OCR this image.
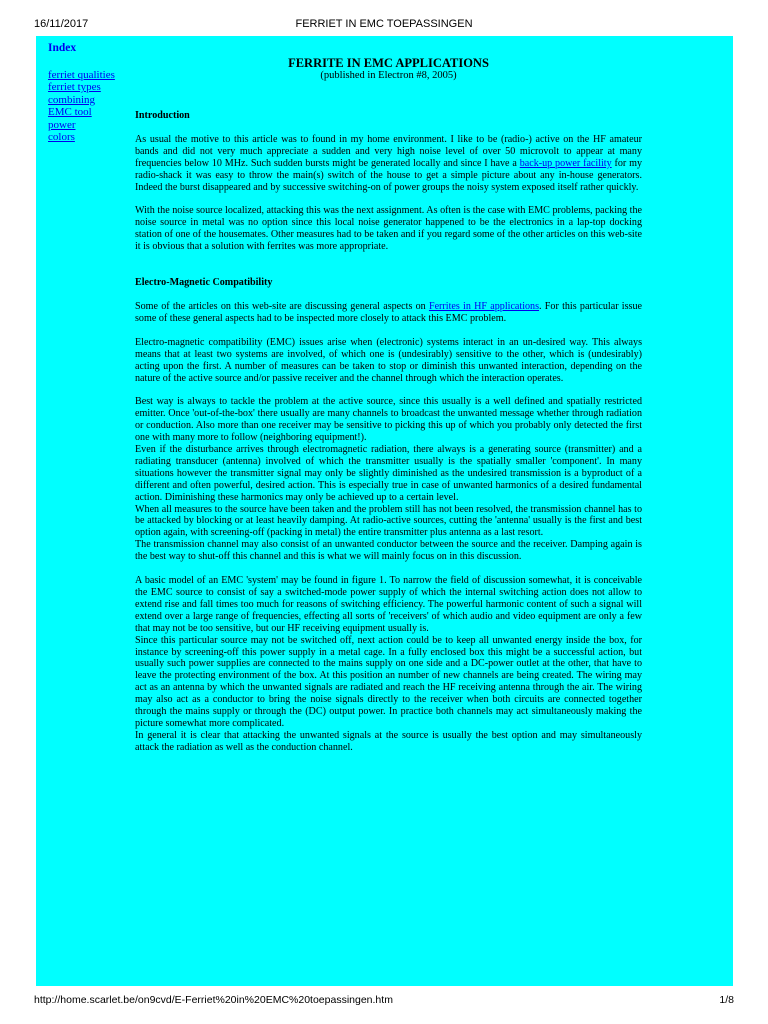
16/11/2017	FERRIET IN EMC TOEPASSINGEN
Index
ferriet qualities
ferriet types
combining
EMC tool
power
colors
FERRITE IN EMC APPLICATIONS
(published in Electron #8, 2005)

Introduction

As usual the motive to this article was to found in my home environment. I like to be (radio-) active on the HF amateur bands and did not very much appreciate a sudden and very high noise level of over 50 microvolt to appear at many frequencies below 10 MHz. Such sudden bursts might be generated locally and since I have a back-up power facility for my radio-shack it was easy to throw the main(s) switch of the house to get a simple picture about any in-house generators. Indeed the burst disappeared and by successive switching-on of power groups the noisy system exposed itself rather quickly.

With the noise source localized, attacking this was the next assignment. As often is the case with EMC problems, packing the noise source in metal was no option since this local noise generator happened to be the electronics in a lap-top docking station of one of the housemates. Other measures had to be taken and if you regard some of the other articles on this web-site it is obvious that a solution with ferrites was more appropriate.

Electro-Magnetic Compatibility

Some of the articles on this web-site are discussing general aspects on Ferrites in HF applications. For this particular issue some of these general aspects had to be inspected more closely to attack this EMC problem.

Electro-magnetic compatibility (EMC) issues arise when (electronic) systems interact in an un-desired way. This always means that at least two systems are involved, of which one is (undesirably) sensitive to the other, which is (undesirably) acting upon the first. A number of measures can be taken to stop or diminish this unwanted interaction, depending on the nature of the active source and/or passive receiver and the channel through which the interaction operates.

Best way is always to tackle the problem at the active source, since this usually is a well defined and spatially restricted emitter. Once 'out-of-the-box' there usually are many channels to broadcast the unwanted message whether through radiation or conduction. Also more than one receiver may be sensitive to picking this up of which you probably only detected the first one with many more to follow (neighboring equipment!).

Even if the disturbance arrives through electromagnetic radiation, there always is a generating source (transmitter) and a radiating transducer (antenna) involved of which the transmitter usually is the spatially smaller 'component'. In many situations however the transmitter signal may only be slightly diminished as the undesired transmission is a byproduct of a different and often powerful, desired action. This is especially true in case of unwanted harmonics of a desired fundamental action. Diminishing these harmonics may only be achieved up to a certain level.

When all measures to the source have been taken and the problem still has not been resolved, the transmission channel has to be attacked by blocking or at least heavily damping. At radio-active sources, cutting the 'antenna' usually is the first and best option again, with screening-off (packing in metal) the entire transmitter plus antenna as a last resort.

The transmission channel may also consist of an unwanted conductor between the source and the receiver. Damping again is the best way to shut-off this channel and this is what we will mainly focus on in this discussion.

A basic model of an EMC 'system' may be found in figure 1. To narrow the field of discussion somewhat, it is conceivable the EMC source to consist of say a switched-mode power supply of which the internal switching action does not allow to extend rise and fall times too much for reasons of switching efficiency. The powerful harmonic content of such a signal will extend over a large range of frequencies, effecting all sorts of 'receivers' of which audio and video equipment are only a few that may not be too sensitive, but our HF receiving equipment usually is.

Since this particular source may not be switched off, next action could be to keep all unwanted energy inside the box, for instance by screening-off this power supply in a metal cage. In a fully enclosed box this might be a successful action, but usually such power supplies are connected to the mains supply on one side and a DC-power outlet at the other, that have to leave the protecting environment of the box. At this position an number of new channels are being created. The wiring may act as an antenna by which the unwanted signals are radiated and reach the HF receiving antenna through the air. The wiring may also act as a conductor to bring the noise signals directly to the receiver when both circuits are connected together through the mains supply or through the (DC) output power. In practice both channels may act simultaneously making the picture somewhat more complicated.

In general it is clear that attacking the unwanted signals at the source is usually the best option and may simultaneously attack the radiation as well as the conduction channel.

http://home.scarlet.be/on9cvd/E-Ferriet%20in%20EMC%20toepassingen.htm	1/8
